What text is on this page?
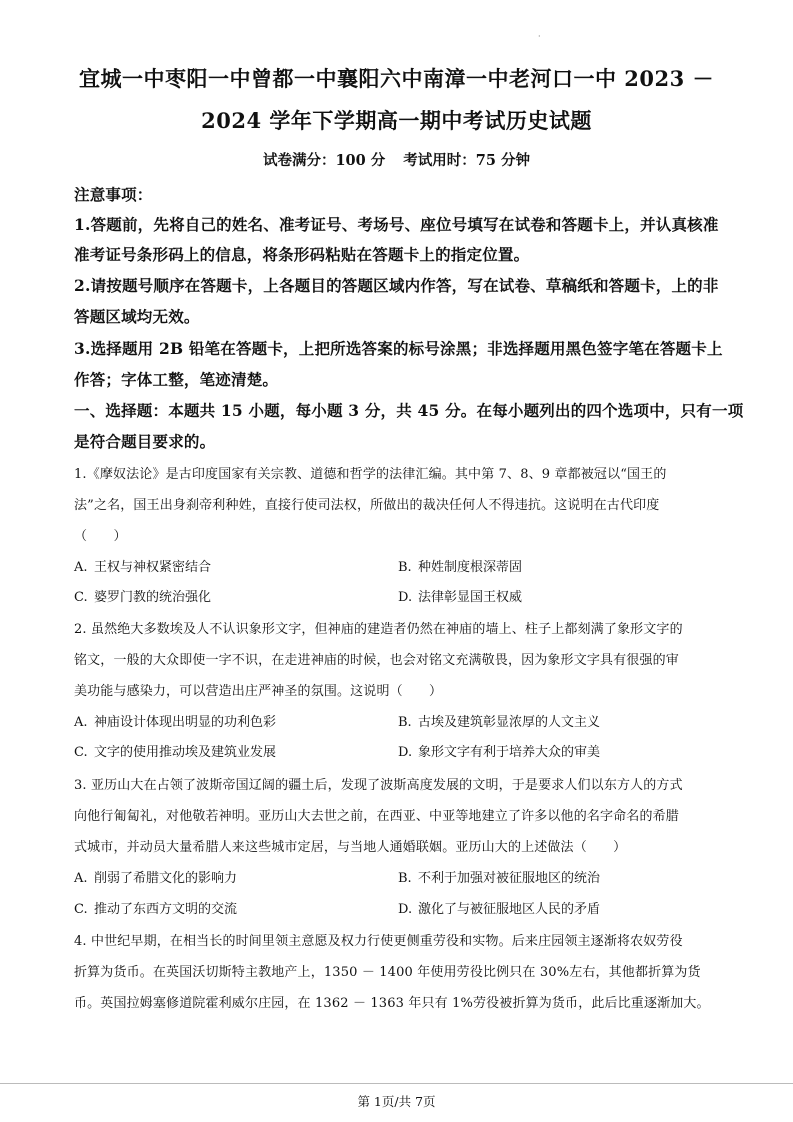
·
宜城一中枣阳一中曾都一中襄阳六中南漳一中老河口一中 2023 －
2024 学年下学期高一期中考试历史试题
试卷满分：100 分 考试用时：75 分钟
注意事项：
1.答题前，先将自己的姓名、准考证号、考场号、座位号填写在试卷和答题卡上，并认真核准
准考证号条形码上的信息，将条形码粘贴在答题卡上的指定位置。
2.请按题号顺序在答题卡，上各题目的答题区域内作答，写在试卷、草稿纸和答题卡，上的非
答题区域均无效。
3.选择题用 2B 铅笔在答题卡，上把所选答案的标号涂黑；非选择题用黑色签字笔在答题卡上
作答；字体工整，笔迹清楚。
一、选择题：本题共 15 小题，每小题 3 分，共 45 分。在每小题列出的四个选项中，只有一项
是符合题目要求的。
1.《摩奴法论》是古印度国家有关宗教、道德和哲学的法律汇编。其中第 7、8、9 章都被冠以“国王的
法”之名，国王出身刹帝利种姓，直接行使司法权，所做出的裁决任何人不得违抗。这说明在古代印度
（　　）
A. 王权与神权紧密结合	B. 种姓制度根深蒂固
C. 婆罗门教的统治强化	D. 法律彰显国王权威
2. 虽然绝大多数埃及人不认识象形文字，但神庙的建造者仍然在神庙的墙上、柱子上都刻满了象形文字的
铭文，一般的大众即使一字不识，在走进神庙的时候，也会对铭文充满敬畏，因为象形文字具有很强的审
美功能与感染力，可以营造出庄严神圣的氛围。这说明（　　）
A. 神庙设计体现出明显的功利色彩	B. 古埃及建筑彰显浓厚的人文主义
C. 文字的使用推动埃及建筑业发展	D. 象形文字有利于培养大众的审美
3. 亚历山大在占领了波斯帝国辽阔的疆土后，发现了波斯高度发展的文明，于是要求人们以东方人的方式
向他行匍匐礼，对他敬若神明。亚历山大去世之前，在西亚、中亚等地建立了许多以他的名字命名的希腊
式城市，并动员大量希腊人来这些城市定居，与当地人通婚联姻。亚历山大的上述做法（　　）
A. 削弱了希腊文化的影响力	B. 不利于加强对被征服地区的统治
C. 推动了东西方文明的交流	D. 激化了与被征服地区人民的矛盾
4. 中世纪早期，在相当长的时间里领主意愿及权力行使更侧重劳役和实物。后来庄园领主逐渐将农奴劳役
折算为货币。在英国沃切斯特主教地产上，1350 － 1400 年使用劳役比例只在 30%左右，其他都折算为货
币。英国拉姆塞修道院霍利威尔庄园，在 1362 － 1363 年只有 1%劳役被折算为货币，此后比重逐渐加大。
第 1页/共 7页
